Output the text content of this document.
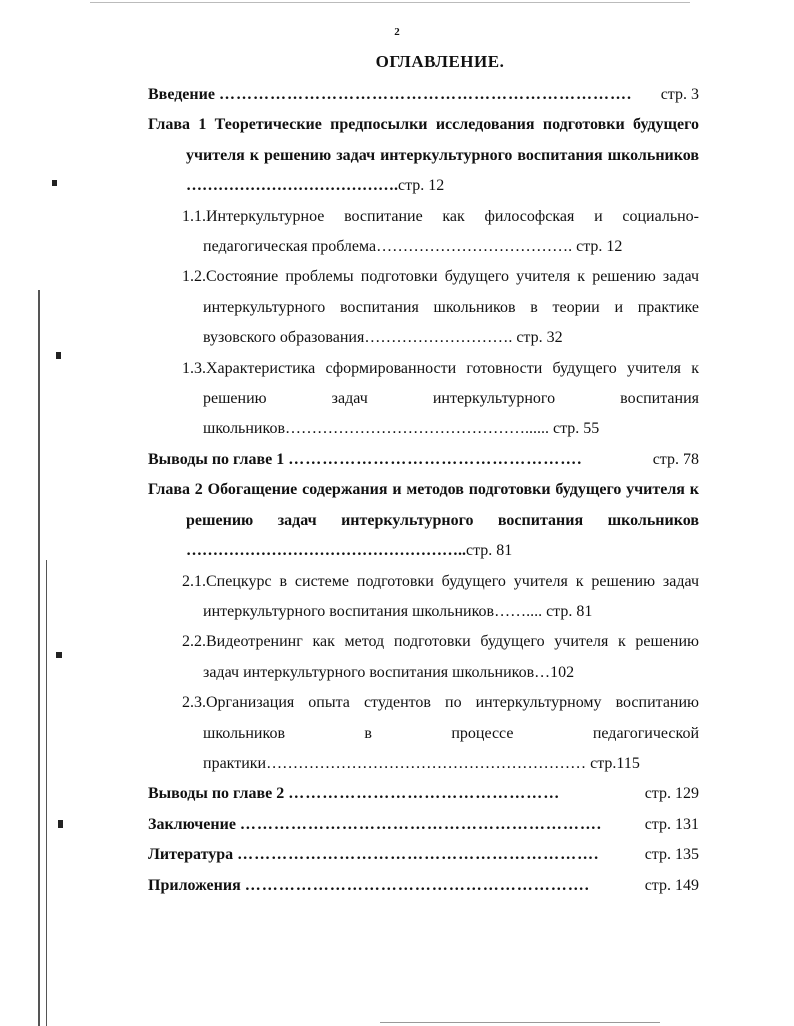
2
ОГЛАВЛЕНИЕ.
Введение ……………………………………………………………….	стр. 3

Глава 1 Теоретические предпосылки исследования подготовки будущего учителя к решению задач интеркультурного воспитания школьников ………………………………….стр. 12

1.1.Интеркультурное воспитание как философская и социально-педагогическая проблема………………………………. стр. 12

1.2.Состояние проблемы подготовки будущего учителя к решению задач интеркультурного воспитания школьников в теории и практике вузовского образования………………………. стр. 32

1.3.Характеристика сформированности готовности будущего учителя к решению задач интеркультурного воспитания школьников………………………………………...... стр. 55

Выводы по главе 1 …………………………………………….	стр. 78

Глава 2 Обогащение содержания и методов подготовки будущего учителя к решению задач интеркультурного воспитания школьников ……………………………………………..стр. 81

2.1.Спецкурс в системе подготовки будущего учителя к решению задач интеркультурного воспитания школьников…….... стр. 81

2.2.Видеотренинг как метод подготовки будущего учителя к решению задач интеркультурного воспитания школьников…102

2.3.Организация опыта студентов по интеркультурному воспитанию школьников в процессе педагогической практики…………………………………………………… стр.115

Выводы по главе 2 …………………………………………	стр. 129
Заключение ……………………………………………………….	стр. 131
Литература ……………………………………………………….	стр. 135
Приложения …………………………………………………….	стр. 149
